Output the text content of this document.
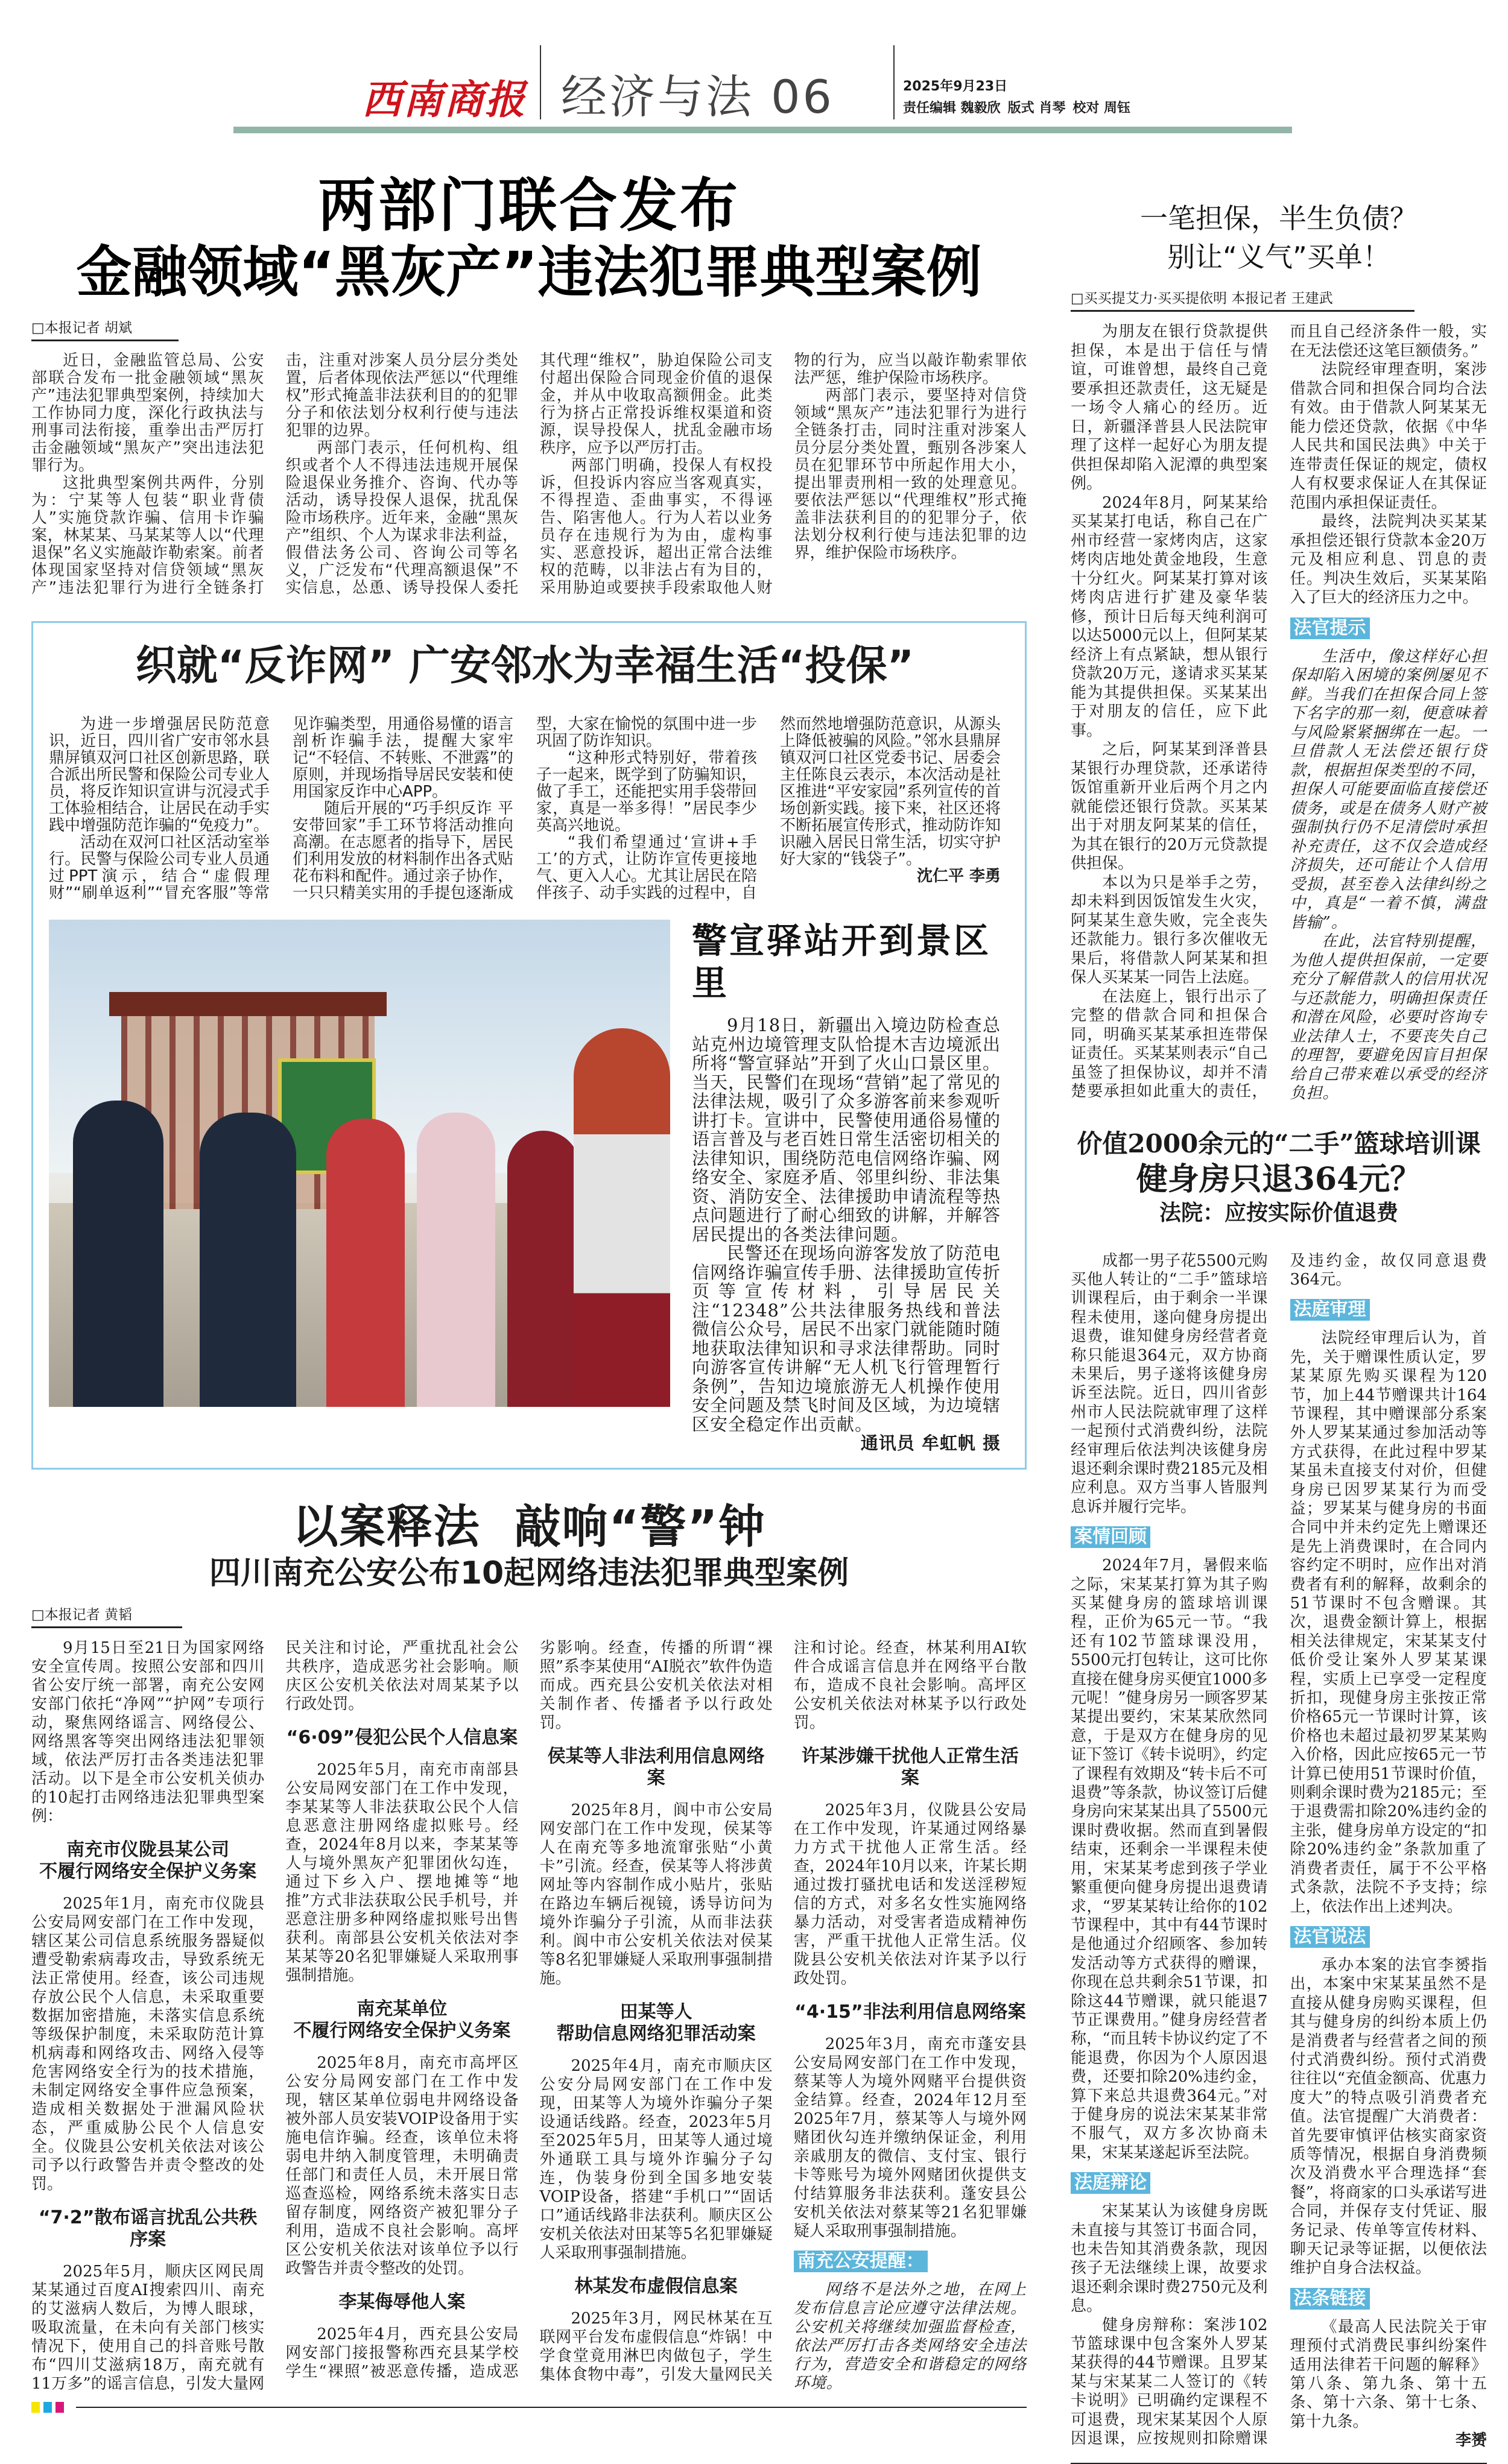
西南商报 经济与法 06	2025年9月23日
责任编辑 魏毅欣 版式 肖琴 校对 周钰
两部门联合发布
金融领域“黑灰产”违法犯罪典型案例
□本报记者 胡斌

近日，金融监管总局、公安部联合发布一批金融领域“黑灰产”违法犯罪典型案例，持续加大工作协同力度，深化行政执法与刑事司法衔接，重拳出击严厉打击金融领域“黑灰产”突出违法犯罪行为。

这批典型案例共两件，分别为：宁某等人包装“职业背债人”实施贷款诈骗、信用卡诈骗案，林某某、马某某等人以“代理退保”名义实施敲诈勒索案。前者体现国家坚持对信贷领域“黑灰产”违法犯罪行为进行全链条打击，注重对涉案人员分层分类处置，后者体现依法严惩以“代理维权”形式掩盖非法获利目的的犯罪分子和依法划分权利行使与违法犯罪的边界。

两部门表示，任何机构、组织或者个人不得违法违规开展保险退保业务推介、咨询、代办等活动，诱导投保人退保，扰乱保险市场秩序。近年来，金融“黑灰产”组织、个人为谋求非法利益，假借法务公司、咨询公司等名义，广泛发布“代理高额退保”不实信息，怂恿、诱导投保人委托其代理“维权”，胁迫保险公司支付超出保险合同现金价值的退保金，并从中收取高额佣金。此类行为挤占正常投诉维权渠道和资源，误导投保人，扰乱金融市场秩序，应予以严厉打击。

两部门明确，投保人有权投诉，但投诉内容应当客观真实，不得捏造、歪曲事实，不得诬告、陷害他人。行为人若以业务员存在违规行为为由，虚构事实、恶意投诉，超出正常合法维权的范畴，以非法占有为目的，采用胁迫或要挟手段索取他人财物的行为，应当以敲诈勒索罪依法严惩，维护保险市场秩序。

两部门表示，要坚持对信贷领域“黑灰产”违法犯罪行为进行全链条打击，同时注重对涉案人员分层分类处置，甄别各涉案人员在犯罪环节中所起作用大小，提出罪责刑相一致的处理意见。要依法严惩以“代理维权”形式掩盖非法获利目的的犯罪分子，依法划分权利行使与违法犯罪的边界，维护保险市场秩序。

织就“反诈网” 广安邻水为幸福生活“投保”

为进一步增强居民防范意识，近日，四川省广安市邻水县鼎屏镇双河口社区创新思路，联合派出所民警和保险公司专业人员，将反诈知识宣讲与沉浸式手工体验相结合，让居民在动手实践中增强防范诈骗的“免疫力”。

活动在双河口社区活动室举行。民警与保险公司专业人员通过PPT演示，结合“虚假理财”“刷单返利”“冒充客服”等常见诈骗类型，用通俗易懂的语言剖析诈骗手法，提醒大家牢记“不轻信、不转账、不泄露”的原则，并现场指导居民安装和使用国家反诈中心APP。

随后开展的“巧手织反诈 平安带回家”手工环节将活动推向高潮。在志愿者的指导下，居民们利用发放的材料制作出各式贴花布料和配件。通过亲子协作，一只只精美实用的手提包逐渐成型，大家在愉悦的氛围中进一步巩固了防诈知识。

“这种形式特别好，带着孩子一起来，既学到了防骗知识，做了手工，还能把实用手袋带回家，真是一举多得！”居民李少英高兴地说。

“我们希望通过‘宣讲+手工’的方式，让防诈宣传更接地气、更入人心。尤其让居民在陪伴孩子、动手实践的过程中，自然而然地增强防范意识，从源头上降低被骗的风险。”邻水县鼎屏镇双河口社区党委书记、居委会主任陈良云表示，本次活动是社区推进“平安家园”系列宣传的首场创新实践。接下来，社区还将不断拓展宣传形式，推动防诈知识融入居民日常生活，切实守护好大家的“钱袋子”。

沈仁平 李勇

警宣驿站开到景区里

9月18日，新疆出入境边防检查总站克州边境管理支队恰提木吉边境派出所将“警宣驿站”开到了火山口景区里。当天，民警们在现场“营销”起了常见的法律法规，吸引了众多游客前来参观听讲打卡。宣讲中，民警使用通俗易懂的语言普及与老百姓日常生活密切相关的法律知识，围绕防范电信网络诈骗、网络安全、家庭矛盾、邻里纠纷、非法集资、消防安全、法律援助申请流程等热点问题进行了耐心细致的讲解，并解答居民提出的各类法律问题。

民警还在现场向游客发放了防范电信网络诈骗宣传手册、法律援助宣传折页等宣传材料，引导居民关注“12348”公共法律服务热线和普法微信公众号，居民不出家门就能随时随地获取法律知识和寻求法律帮助。同时向游客宣传讲解“无人机飞行管理暂行条例”，告知边境旅游无人机操作使用安全问题及禁飞时间及区域，为边境辖区安全稳定作出贡献。

通讯员 牟虹帆 摄

以案释法  敲响“警”钟
四川南充公安公布10起网络违法犯罪典型案例
□本报记者 黄韬

9月15日至21日为国家网络安全宣传周。按照公安部和四川省公安厅统一部署，南充公安网安部门依托“净网”“护网”专项行动，聚焦网络谣言、网络侵公、网络黑客等突出网络违法犯罪领域，依法严厉打击各类违法犯罪活动。以下是全市公安机关侦办的10起打击网络违法犯罪典型案例：

南充市仪陇县某公司
不履行网络安全保护义务案

2025年1月，南充市仪陇县公安局网安部门在工作中发现，辖区某公司信息系统服务器疑似遭受勒索病毒攻击，导致系统无法正常使用。经查，该公司违规存放公民个人信息，未采取重要数据加密措施，未落实信息系统等级保护制度，未采取防范计算机病毒和网络攻击、网络入侵等危害网络安全行为的技术措施，未制定网络安全事件应急预案，造成相关数据处于泄漏风险状态，严重威胁公民个人信息安全。仪陇县公安机关依法对该公司予以行政警告并责令整改的处罚。

“7·2”散布谣言扰乱公共秩序案

2025年5月，顺庆区网民周某某通过百度AI搜索四川、南充的艾滋病人数后，为博人眼球，吸取流量，在未向有关部门核实情况下，使用自己的抖音账号散布“四川艾滋病18万，南充就有11万多”的谣言信息，引发大量网民关注和讨论，严重扰乱社会公共秩序，造成恶劣社会影响。顺庆区公安机关依法对周某某予以行政处罚。

“6·09”侵犯公民个人信息案

2025年5月，南充市南部县公安局网安部门在工作中发现，李某某等人非法获取公民个人信息恶意注册网络虚拟账号。经查，2024年8月以来，李某某等人与境外黑灰产犯罪团伙勾连，通过下乡入户、摆地摊等“地推”方式非法获取公民手机号，并恶意注册多种网络虚拟账号出售获利。南部县公安机关依法对李某某等20名犯罪嫌疑人采取刑事强制措施。

南充某单位
不履行网络安全保护义务案

2025年8月，南充市高坪区公安分局网安部门在工作中发现，辖区某单位弱电井网络设备被外部人员安装VOIP设备用于实施电信诈骗。经查，该单位未将弱电井纳入制度管理，未明确责任部门和责任人员，未开展日常巡查巡检，网络系统未落实日志留存制度，网络资产被犯罪分子利用，造成不良社会影响。高坪区公安机关依法对该单位予以行政警告并责令整改的处罚。

李某侮辱他人案

2025年4月，西充县公安局网安部门接报警称西充县某学校学生“裸照”被恶意传播，造成恶劣影响。经查，传播的所谓“裸照”系李某使用“AI脱衣”软件伪造而成。西充县公安机关依法对相关制作者、传播者予以行政处罚。

侯某等人非法利用信息网络案

2025年8月，阆中市公安局网安部门在工作中发现，侯某等人在南充等多地流窜张贴“小黄卡”引流。经查，侯某等人将涉黄网址等内容制作成小贴片，张贴在路边车辆后视镜，诱导访问为境外诈骗分子引流，从而非法获利。阆中市公安机关依法对侯某等8名犯罪嫌疑人采取刑事强制措施。

田某等人
帮助信息网络犯罪活动案

2025年4月，南充市顺庆区公安分局网安部门在工作中发现，田某等人为境外诈骗分子架设通话线路。经查，2023年5月至2025年5月，田某等人通过境外通联工具与境外诈骗分子勾连，伪装身份到全国多地安装VOIP设备，搭建“手机口”“固话口”通话线路非法获利。顺庆区公安机关依法对田某等5名犯罪嫌疑人采取刑事强制措施。

林某发布虚假信息案

2025年3月，网民林某在互联网平台发布虚假信息“炸锅！中学食堂竟用淋巴肉做包子，学生集体食物中毒”，引发大量网民关注和讨论。经查，林某利用AI软件合成谣言信息并在网络平台散布，造成不良社会影响。高坪区公安机关依法对林某予以行政处罚。

许某涉嫌干扰他人正常生活案

2025年3月，仪陇县公安局在工作中发现，许某通过网络暴力方式干扰他人正常生活。经查，2024年10月以来，许某长期通过拨打骚扰电话和发送淫秽短信的方式，对多名女性实施网络暴力活动，对受害者造成精神伤害，严重干扰他人正常生活。仪陇县公安机关依法对许某予以行政处罚。

“4·15”非法利用信息网络案

2025年3月，南充市蓬安县公安局网安部门在工作中发现，蔡某等人为境外网赌平台提供资金结算。经查，2024年12月至2025年7月，蔡某等人与境外网赌团伙勾连并缴纳保证金，利用亲戚朋友的微信、支付宝、银行卡等账号为境外网赌团伙提供支付结算服务非法获利。蓬安县公安机关依法对蔡某等21名犯罪嫌疑人采取刑事强制措施。

南充公安提醒：

网络不是法外之地，在网上发布信息言论应遵守法律法规。公安机关将继续加强监督检查，依法严厉打击各类网络安全违法行为，营造安全和谐稳定的网络环境。

一笔担保，半生负债？
别让“义气”买单！
□买买提艾力·买买提依明 本报记者 王建武

为朋友在银行贷款提供担保，本是出于信任与情谊，可谁曾想，最终自己竟要承担还款责任，这无疑是一场令人痛心的经历。近日，新疆泽普县人民法院审理了这样一起好心为朋友提供担保却陷入泥潭的典型案例。

2024年8月，阿某某给买某某打电话，称自己在广州市经营一家烤肉店，这家烤肉店地处黄金地段，生意十分红火。阿某某打算对该烤肉店进行扩建及豪华装修，预计日后每天纯利润可以达5000元以上，但阿某某经济上有点紧缺，想从银行贷款20万元，遂请求买某某能为其提供担保。买某某出于对朋友的信任，应下此事。

之后，阿某某到泽普县某银行办理贷款，还承诺待饭馆重新开业后两个月之内就能偿还银行贷款。买某某出于对朋友阿某某的信任，为其在银行的20万元贷款提供担保。

本以为只是举手之劳，却未料到因饭馆发生火灾，阿某某生意失败，完全丧失还款能力。银行多次催收无果后，将借款人阿某某和担保人买某某一同告上法庭。

在法庭上，银行出示了完整的借款合同和担保合同，明确买某某承担连带保证责任。买某某则表示“自己虽签了担保协议，却并不清楚要承担如此重大的责任，而且自己经济条件一般，实在无法偿还这笔巨额债务。”

法院经审理查明，案涉借款合同和担保合同均合法有效。由于借款人阿某某无能力偿还贷款，依据《中华人民共和国民法典》中关于连带责任保证的规定，债权人有权要求保证人在其保证范围内承担保证责任。

最终，法院判决买某某承担偿还银行贷款本金20万元及相应利息、罚息的责任。判决生效后，买某某陷入了巨大的经济压力之中。

法官提示

生活中，像这样好心担保却陷入困境的案例屡见不鲜。当我们在担保合同上签下名字的那一刻，便意味着与风险紧紧捆绑在一起。一旦借款人无法偿还银行贷款，根据担保类型的不同，担保人可能要面临直接偿还债务，或是在债务人财产被强制执行仍不足清偿时承担补充责任，这不仅会造成经济损失，还可能让个人信用受损，甚至卷入法律纠纷之中，真是“一着不慎，满盘皆输”。

在此，法官特别提醒，为他人提供担保前，一定要充分了解借款人的信用状况与还款能力，明确担保责任和潜在风险，必要时咨询专业法律人士，不要丧失自己的理智，要避免因盲目担保给自己带来难以承受的经济负担。

价值2000余元的“二手”篮球培训课
健身房只退364元？
法院：应按实际价值退费

成都一男子花5500元购买他人转让的“二手”篮球培训课程后，由于剩余一半课程未使用，遂向健身房提出退费，谁知健身房经营者竟称只能退364元，双方协商未果后，男子遂将该健身房诉至法院。近日，四川省彭州市人民法院就审理了这样一起预付式消费纠纷，法院经审理后依法判决该健身房退还剩余课时费2185元及相应利息。双方当事人皆服判息诉并履行完毕。

案情回顾

2024年7月，暑假来临之际，宋某某打算为其子购买某健身房的篮球培训课程，正价为65元一节。“我还有102节篮球课没用，5500元打包转让，这可比你直接在健身房买便宜1000多元呢！”健身房另一顾客罗某某提出要约，宋某某欣然同意，于是双方在健身房的见证下签订《转卡说明》，约定了课程有效期及“转卡后不可退费”等条款，协议签订后健身房向宋某某出具了5500元课时费收据。然而直到暑假结束，还剩余一半课程未使用，宋某某考虑到孩子学业繁重便向健身房提出退费请求，“罗某某转让给你的102节课程中，其中有44节课时是他通过介绍顾客、参加转发活动等方式获得的赠课，你现在总共剩余51节课，扣除这44节赠课，就只能退7节正课费用。”健身房经营者称，“而且转卡协议约定了不能退费，你因为个人原因退费，还要扣除20%违约金，算下来总共退费364元。”对于健身房的说法宋某某非常不服气，双方多次协商未果，宋某某遂起诉至法院。

法庭辩论

宋某某认为该健身房既未直接与其签订书面合同，也未告知其消费条款，现因孩子无法继续上课，故要求退还剩余课时费2750元及利息。

健身房辩称：案涉102节篮球课中包含案外人罗某某获得的44节赠课。且罗某某与宋某某二人签订的《转卡说明》已明确约定课程不可退费，现宋某某因个人原因退课，应按规则扣除赠课及违约金，故仅同意退费364元。

法庭审理

法院经审理后认为，首先，关于赠课性质认定，罗某某原先购买课程为120节，加上44节赠课共计164节课程，其中赠课部分系案外人罗某某通过参加活动等方式获得，在此过程中罗某某虽未直接支付对价，但健身房已因罗某某行为而受益；罗某某与健身房的书面合同中并未约定先上赠课还是先上消费课时，在合同内容约定不明时，应作出对消费者有利的解释，故剩余的51节课时不包含赠课。其次，退费金额计算上，根据相关法律规定，宋某某支付低价受让案外人罗某某课程，实质上已享受一定程度折扣，现健身房主张按正常价格65元一节课时计算，该价格也未超过最初罗某某购入价格，因此应按65元一节计算已使用51节课时价值，则剩余课时费为2185元；至于退费需扣除20%违约金的主张，健身房单方设定的“扣除20%违约金”条款加重了消费者责任，属于不公平格式条款，法院不予支持；综上，依法作出上述判决。

法官说法

承办本案的法官李赟指出，本案中宋某某虽然不是直接从健身房购买课程，但其与健身房的纠纷本质上仍是消费者与经营者之间的预付式消费纠纷。预付式消费往往以“充值金额高、优惠力度大”的特点吸引消费者充值。法官提醒广大消费者：首先要审慎评估核实商家资质等情况，根据自身消费频次及消费水平合理选择“套餐”，将商家的口头承诺写进合同，并保存支付凭证、服务记录、传单等宣传材料、聊天记录等证据，以便依法维护自身合法权益。

法条链接

《最高人民法院关于审理预付式消费民事纠纷案件适用法律若干问题的解释》第八条、第九条、第十五条、第十六条、第十七条、第十九条。

李赟
